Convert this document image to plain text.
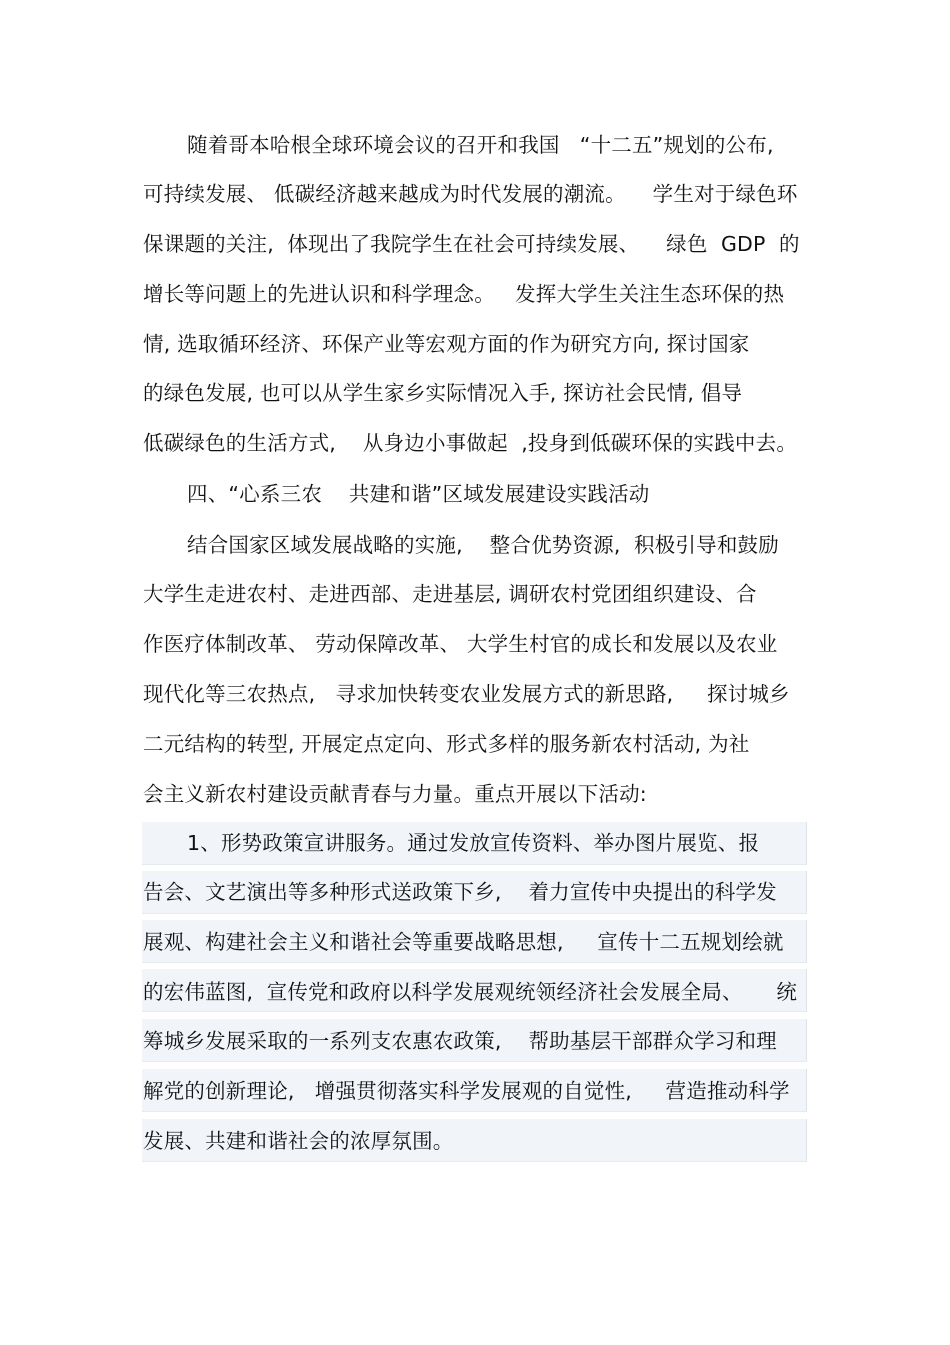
随着哥本哈根全球环境会议的召开和我国   “十二五”规划的公布,
可持续发展、 低碳经济越来越成为时代发展的潮流。    学生对于绿色环
保课题的关注,  体现出了我院学生在社会可持续发展、    绿色  GDP  的
增长等问题上的先进认识和科学理念。   发挥大学生关注生态环保的热
情, 选取循环经济、环保产业等宏观方面的作为研究方向, 探讨国家
的绿色发展, 也可以从学生家乡实际情况入手, 探访社会民情, 倡导
低碳绿色的生活方式,    从身边小事做起  ,投身到低碳环保的实践中去。
四、“心系三农    共建和谐”区域发展建设实践活动
结合国家区域发展战略的实施,    整合优势资源,  积极引导和鼓励
大学生走进农村、走进西部、走进基层, 调研农村党团组织建设、合
作医疗体制改革、 劳动保障改革、 大学生村官的成长和发展以及农业
现代化等三农热点,   寻求加快转变农业发展方式的新思路,     探讨城乡
二元结构的转型, 开展定点定向、形式多样的服务新农村活动, 为社
会主义新农村建设贡献青春与力量。重点开展以下活动:
1、形势政策宣讲服务。通过发放宣传资料、举办图片展览、报
告会、文艺演出等多种形式送政策下乡,    着力宣传中央提出的科学发
展观、构建社会主义和谐社会等重要战略思想,     宣传十二五规划绘就
的宏伟蓝图,  宣传党和政府以科学发展观统领经济社会发展全局、     统
筹城乡发展采取的一系列支农惠农政策,    帮助基层干部群众学习和理
解党的创新理论,   增强贯彻落实科学发展观的自觉性,     营造推动科学
发展、共建和谐社会的浓厚氛围。
